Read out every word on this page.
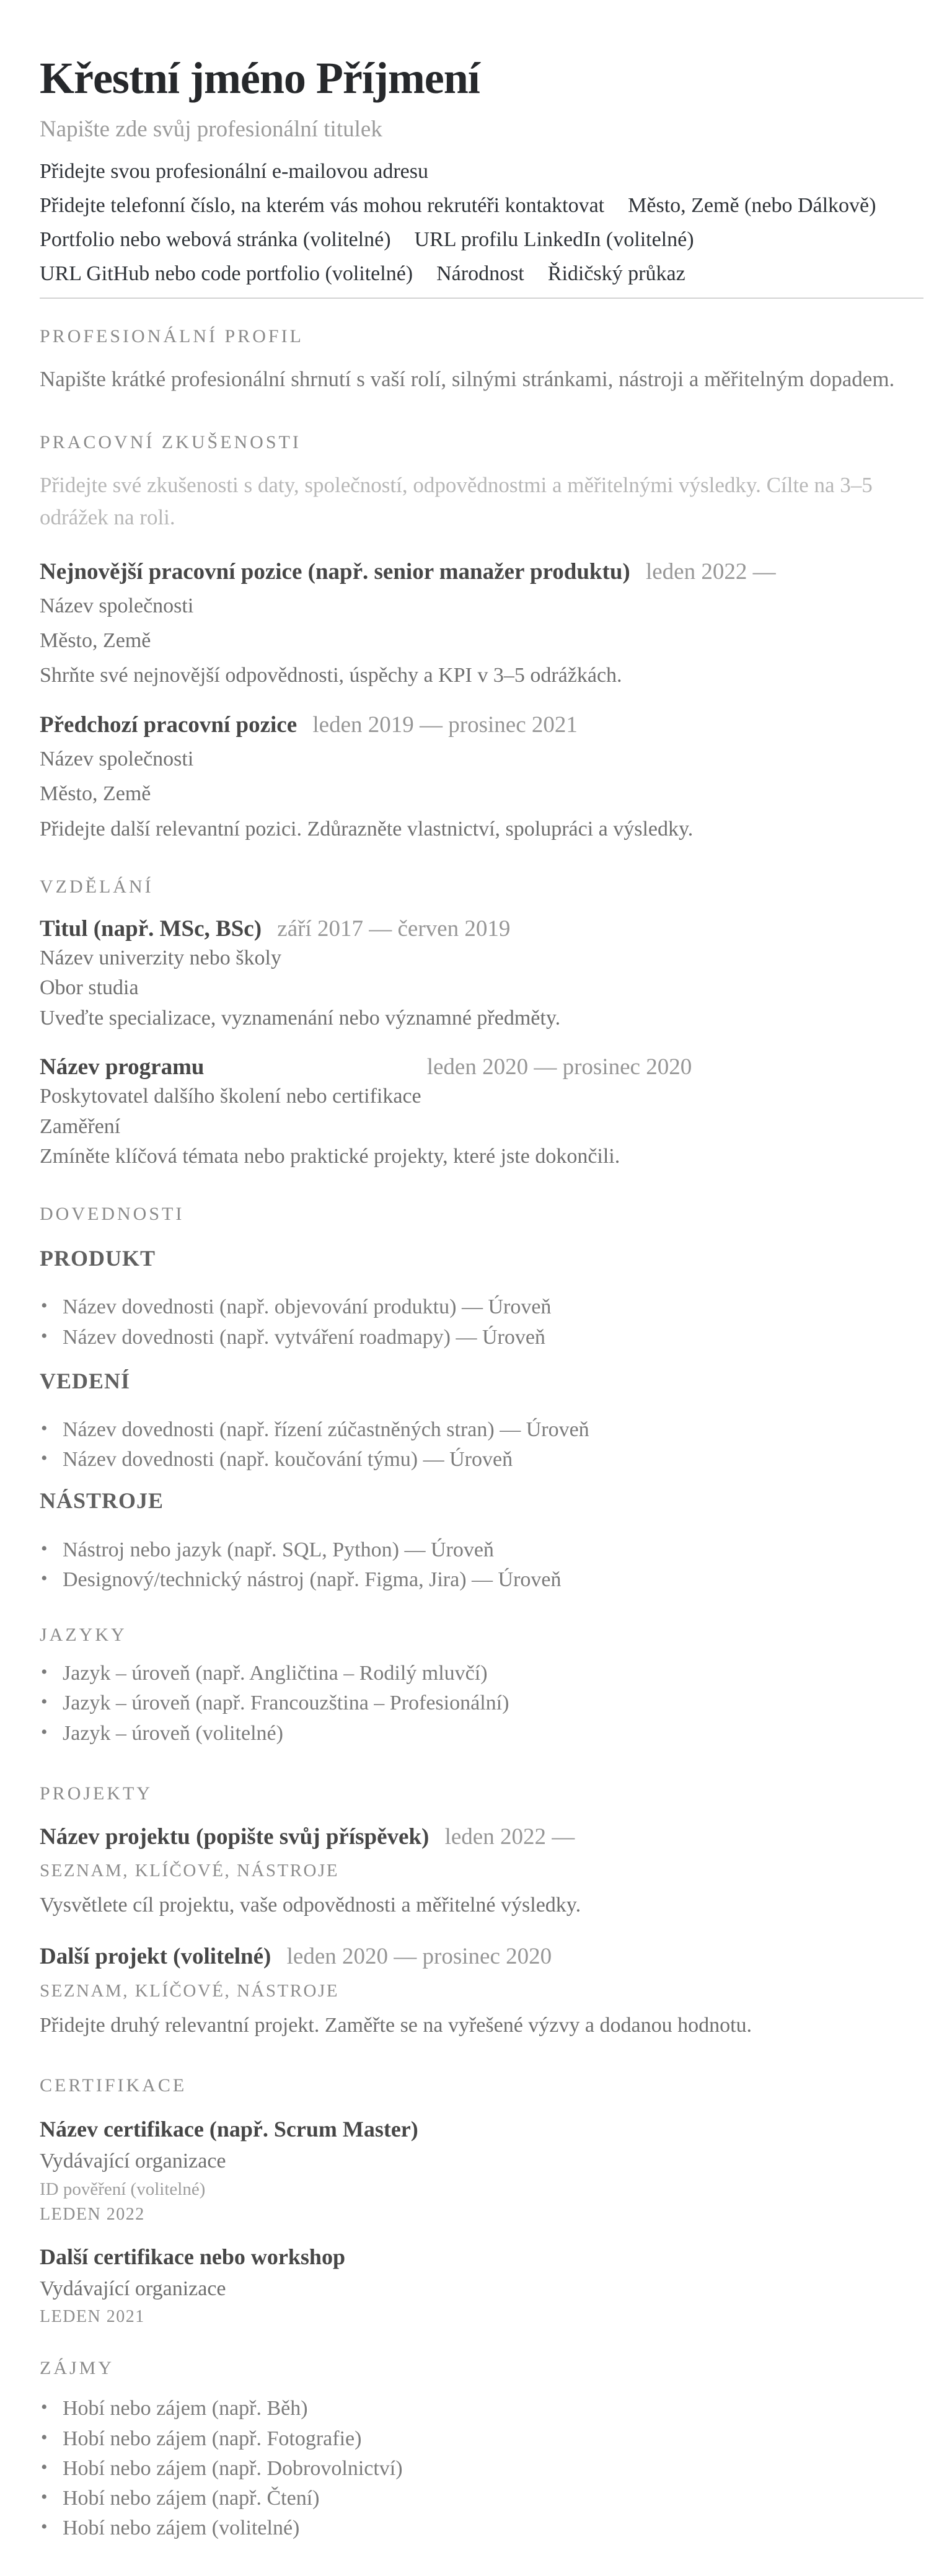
Křestní jméno Příjmení
Napište zde svůj profesionální titulek
Přidejte svou profesionální e-mailovou adresu
Přidejte telefonní číslo, na kterém vás mohou rekrutéři kontaktovat Město, Země (nebo Dálkově)
Portfolio nebo webová stránka (volitelné) URL profilu LinkedIn (volitelné)
URL GitHub nebo code portfolio (volitelné) Národnost Řidičský průkaz
PROFESIONÁLNÍ PROFIL

Napište krátké profesionální shrnutí s vaší rolí, silnými stránkami, nástroji a měřitelným dopadem.

PRACOVNÍ ZKUŠENOSTI

Přidejte své zkušenosti s daty, společností, odpovědnostmi a měřitelnými výsledky. Cílte na 3–5 odrážek na roli.

Nejnovější pracovní pozice (např. senior manažer produktu) leden 2022 —
Název společnosti
Město, Země
Shrňte své nejnovější odpovědnosti, úspěchy a KPI v 3–5 odrážkách.
Předchozí pracovní pozice leden 2019 — prosinec 2021
Název společnosti
Město, Země
Přidejte další relevantní pozici. Zdůrazněte vlastnictví, spolupráci a výsledky.
VZDĚLÁNÍ
Titul (např. MSc, BSc) září 2017 — červen 2019
Název univerzity nebo školy
Obor studia
Uveďte specializace, vyznamenání nebo významné předměty.
Název programu	leden 2020 — prosinec 2020
Poskytovatel dalšího školení nebo certifikace
Zaměření
Zmíněte klíčová témata nebo praktické projekty, které jste dokončili.
DOVEDNOSTI
PRODUKT
• Název dovednosti (např. objevování produktu) — Úroveň
• Název dovednosti (např. vytváření roadmapy) — Úroveň
VEDENÍ
• Název dovednosti (např. řízení zúčastněných stran) — Úroveň
• Název dovednosti (např. koučování týmu) — Úroveň
NÁSTROJE
• Nástroj nebo jazyk (např. SQL, Python) — Úroveň
• Designový/technický nástroj (např. Figma, Jira) — Úroveň
JAZYKY
• Jazyk – úroveň (např. Angličtina – Rodilý mluvčí)
• Jazyk – úroveň (např. Francouzština – Profesionální)
• Jazyk – úroveň (volitelné)
PROJEKTY
Název projektu (popište svůj příspěvek) leden 2022 —
SEZNAM, KLÍČOVÉ, NÁSTROJE
Vysvětlete cíl projektu, vaše odpovědnosti a měřitelné výsledky.
Další projekt (volitelné) leden 2020 — prosinec 2020
SEZNAM, KLÍČOVÉ, NÁSTROJE
Přidejte druhý relevantní projekt. Zaměřte se na vyřešené výzvy a dodanou hodnotu.
CERTIFIKACE
Název certifikace (např. Scrum Master)
Vydávající organizace
ID pověření (volitelné)
LEDEN 2022
Další certifikace nebo workshop
Vydávající organizace
LEDEN 2021
ZÁJMY
• Hobí nebo zájem (např. Běh)
• Hobí nebo zájem (např. Fotografie)
• Hobí nebo zájem (např. Dobrovolnictví)
• Hobí nebo zájem (např. Čtení)
• Hobí nebo zájem (volitelné)
